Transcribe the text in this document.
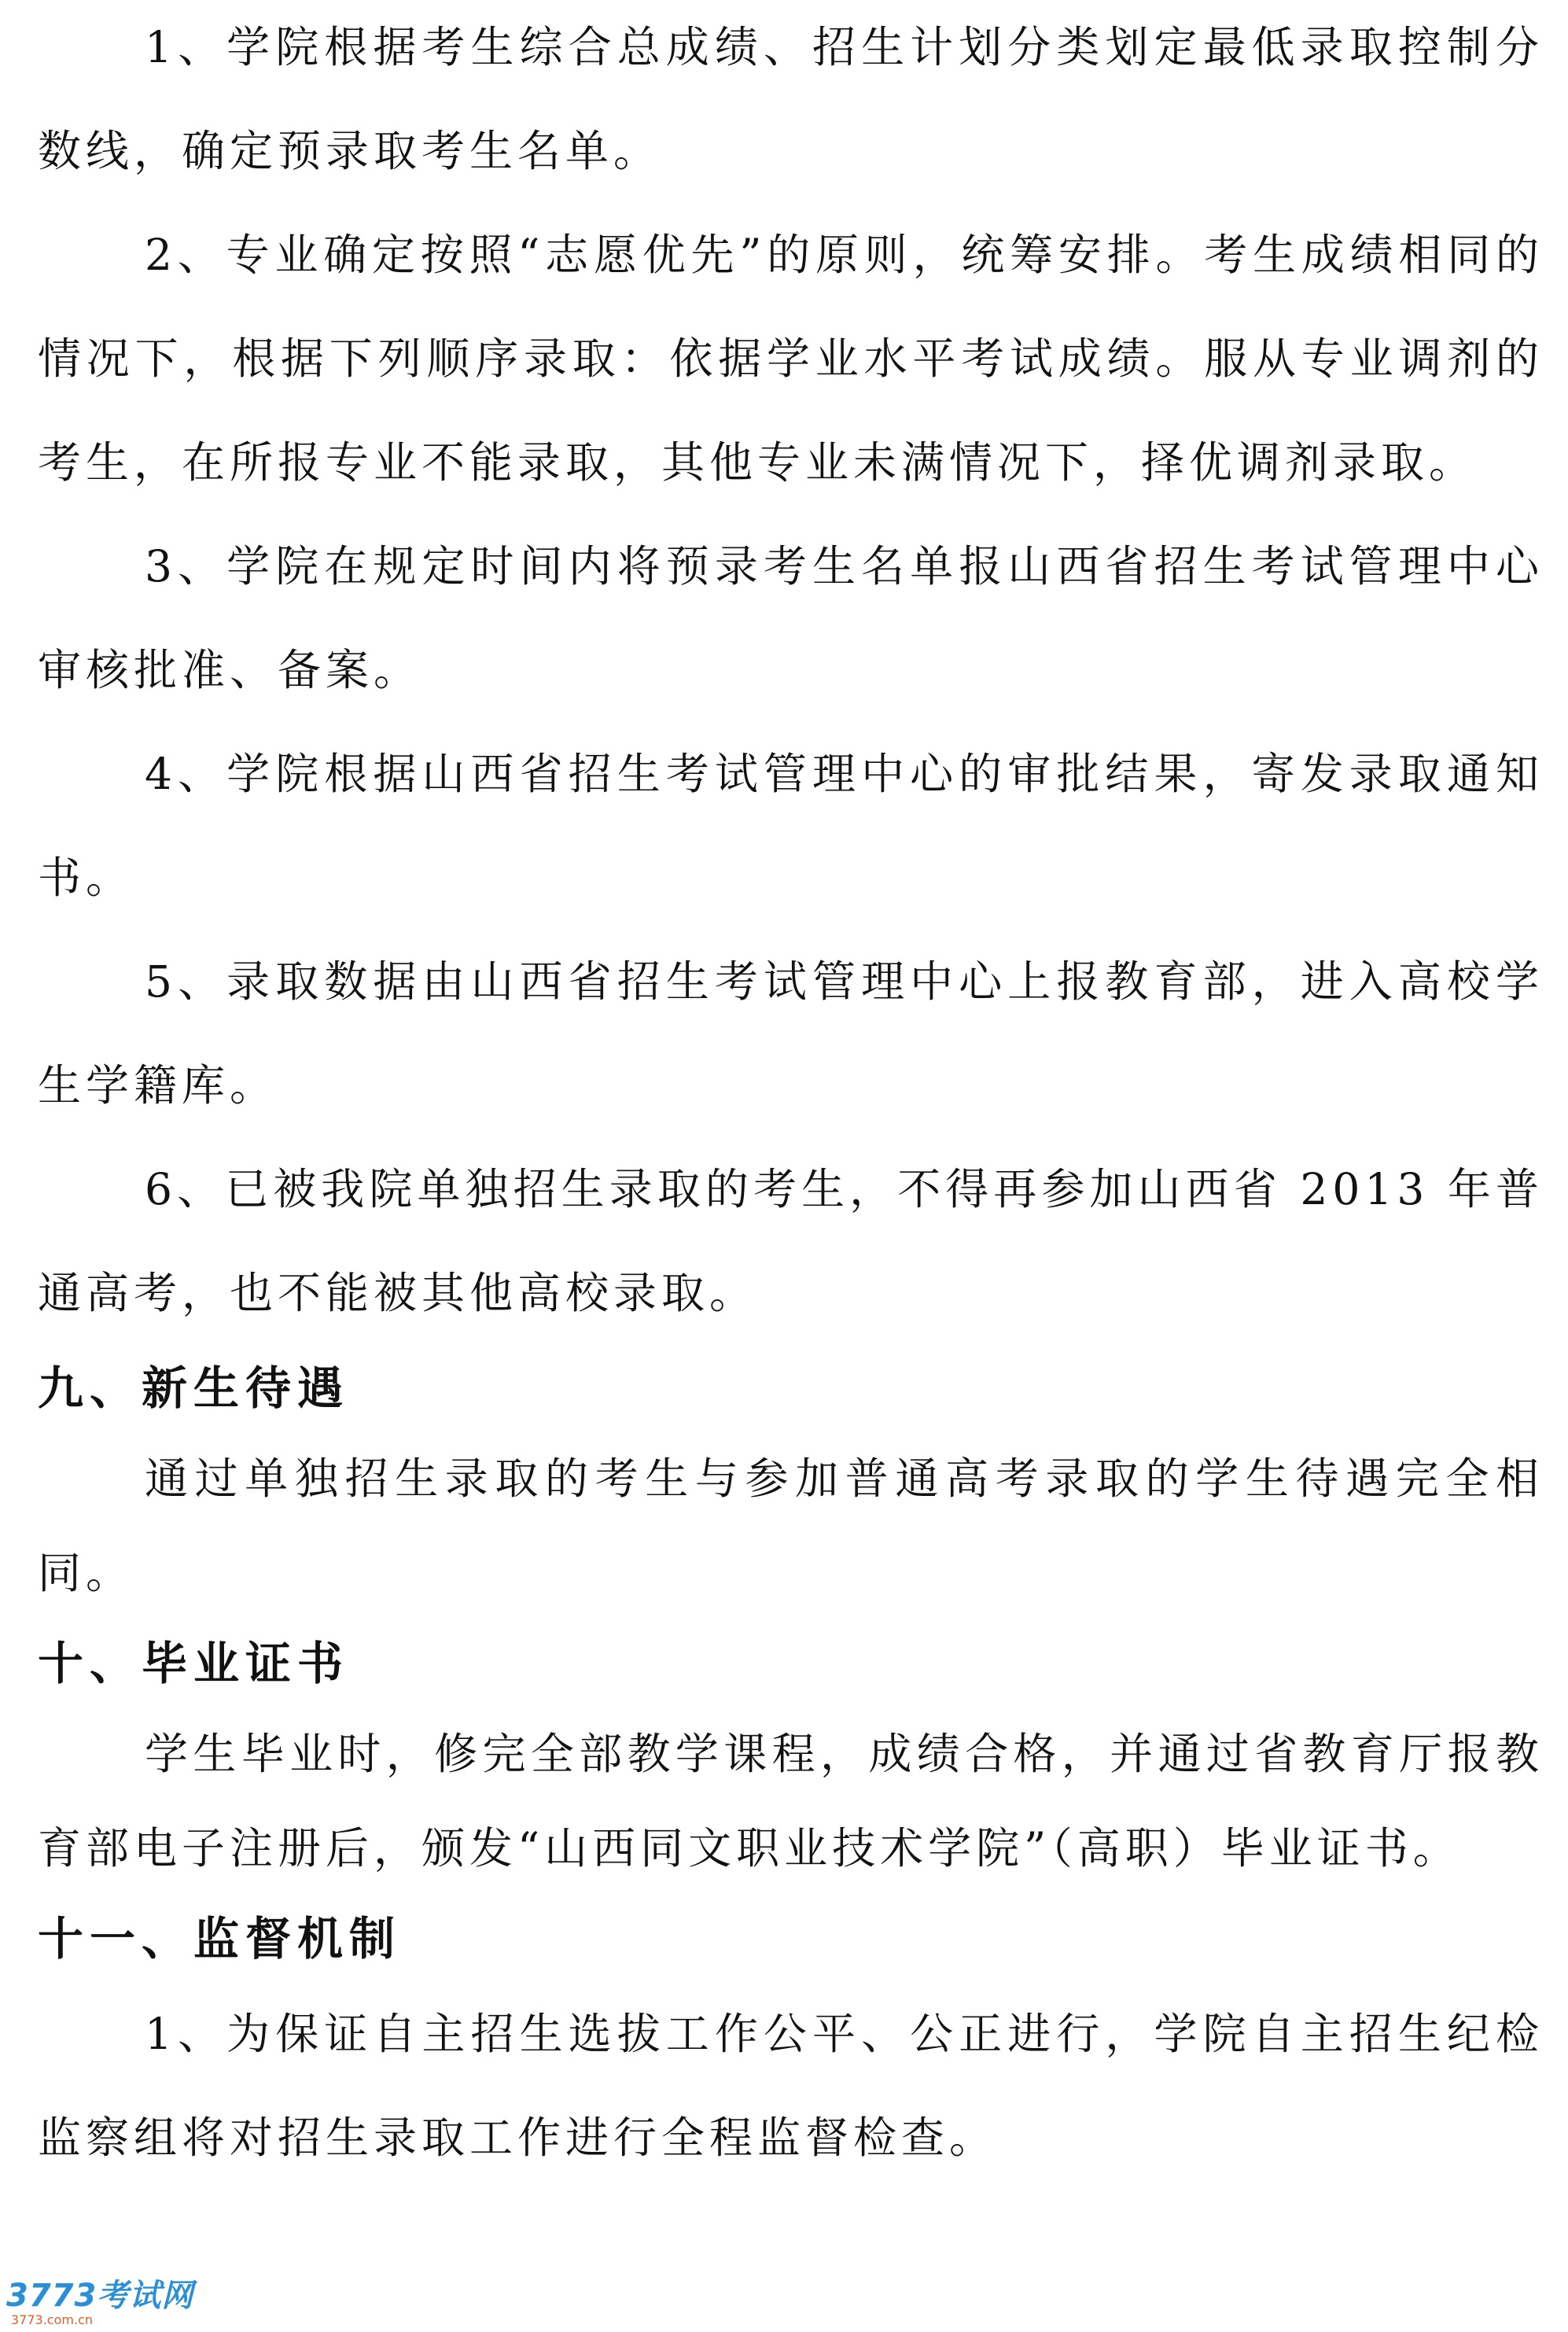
1、学院根据考生综合总成绩、招生计划分类划定最低录取控制分数线，确定预录取考生名单。

2、专业确定按照“志愿优先”的原则，统筹安排。考生成绩相同的情况下，根据下列顺序录取：依据学业水平考试成绩。服从专业调剂的考生，在所报专业不能录取，其他专业未满情况下，择优调剂录取。

3、学院在规定时间内将预录考生名单报山西省招生考试管理中心审核批准、备案。

4、学院根据山西省招生考试管理中心的审批结果，寄发录取通知书。

5、录取数据由山西省招生考试管理中心上报教育部，进入高校学生学籍库。

6、已被我院单独招生录取的考生，不得再参加山西省 2013 年普通高考，也不能被其他高校录取。

九、新生待遇

通过单独招生录取的考生与参加普通高考录取的学生待遇完全相同。

十、毕业证书

学生毕业时，修完全部教学课程，成绩合格，并通过省教育厅报教育部电子注册后，颁发“山西同文职业技术学院”（高职）毕业证书。

十一、监督机制

1、为保证自主招生选拔工作公平、公正进行，学院自主招生纪检监察组将对招生录取工作进行全程监督检查。

3773考试网
3773.com.cn
